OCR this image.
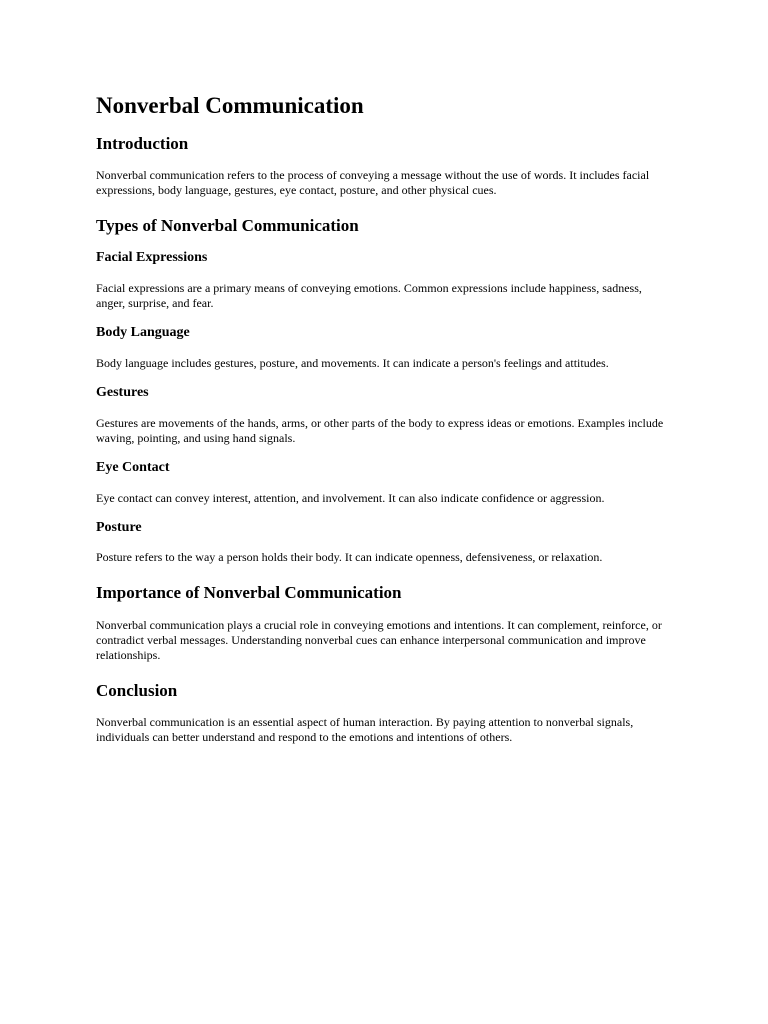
Nonverbal Communication
Introduction

Nonverbal communication refers to the process of conveying a message without the use of words. It includes facial expressions, body language, gestures, eye contact, posture, and other physical cues.

Types of Nonverbal Communication
Facial Expressions

Facial expressions are a primary means of conveying emotions. Common expressions include happiness, sadness, anger, surprise, and fear.

Body Language

Body language includes gestures, posture, and movements. It can indicate a person's feelings and attitudes.

Gestures

Gestures are movements of the hands, arms, or other parts of the body to express ideas or emotions. Examples include waving, pointing, and using hand signals.

Eye Contact

Eye contact can convey interest, attention, and involvement. It can also indicate confidence or aggression.

Posture

Posture refers to the way a person holds their body. It can indicate openness, defensiveness, or relaxation.

Importance of Nonverbal Communication

Nonverbal communication plays a crucial role in conveying emotions and intentions. It can complement, reinforce, or contradict verbal messages. Understanding nonverbal cues can enhance interpersonal communication and improve relationships.

Conclusion

Nonverbal communication is an essential aspect of human interaction. By paying attention to nonverbal signals, individuals can better understand and respond to the emotions and intentions of others.
